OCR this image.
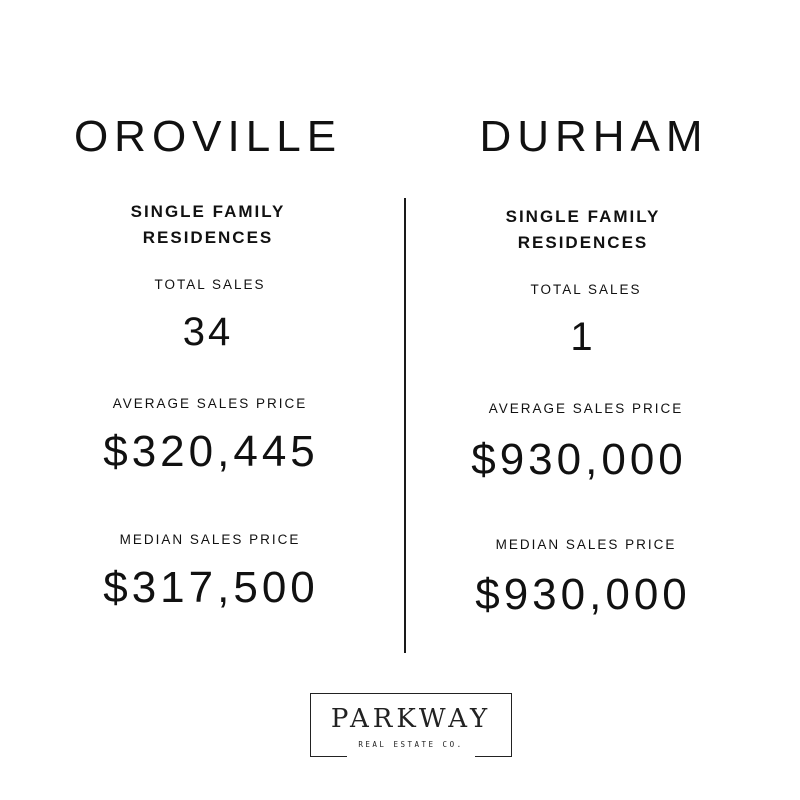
OROVILLE
SINGLE FAMILY
RESIDENCES
TOTAL SALES
34
AVERAGE SALES PRICE
$320,445
MEDIAN SALES PRICE
$317,500
DURHAM
SINGLE FAMILY
RESIDENCES
TOTAL SALES
1
AVERAGE SALES PRICE
$930,000
MEDIAN SALES PRICE
$930,000
PARKWAY
REAL ESTATE CO.
